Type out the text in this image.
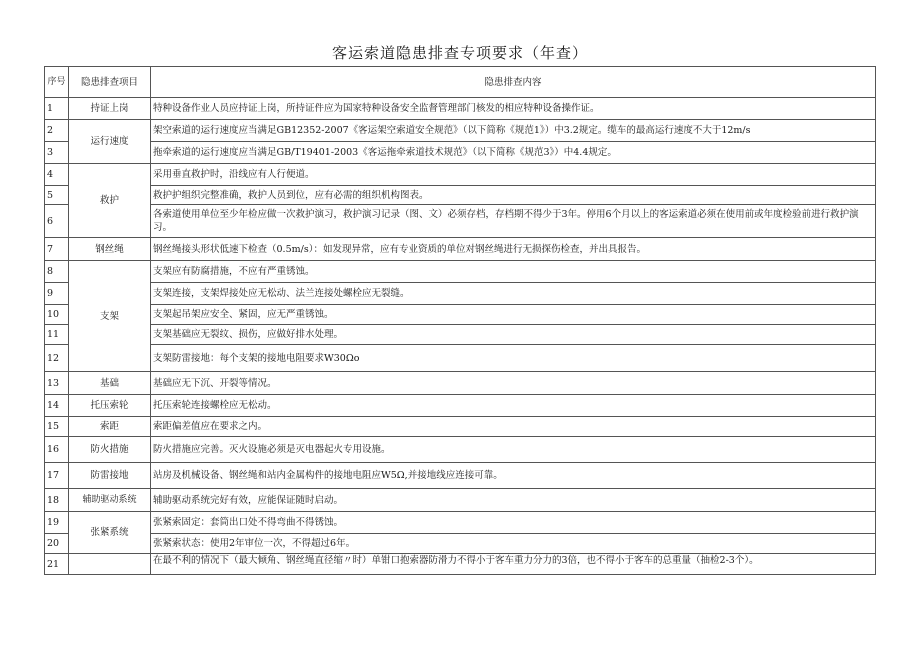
客运索道隐患排查专项要求（年查）
序号	隐患排查项目	隐患排查内容
1	持证上岗	特种设备作业人员应持证上岗，所持证件应为国家特种设备安全监督管理部门核发的相应特种设备操作证。
2	运行速度	架空索道的运行速度应当满足GB12352-2007《客运架空索道安全规范》（以下简称《规范1》）中3.2规定。缆车的最高运行速度不大于12m/s
3		拖牵索道的运行速度应当满足GB/T19401-2003《客运拖牵索道技术规范》（以下简称《规范3》）中4.4规定。
4	救护	采用垂直救护时，沿线应有人行便道。
5		救护护组织完整准确，救护人员到位，应有必需的组织机构图表。
6		各索道使用单位至少年检应做一次救护演习，救护演习记录（图、文）必须存档，存档期不得少于3年。停用6个月以上的客运索道必须在使用前或年度检验前进行救护演习。
7	钢丝绳	钢丝绳接头形状低速下检查（0.5m/s）：如发现异常，应有专业资质的单位对钢丝绳进行无损探伤检查，并出具报告。
8	支架	支架应有防腐措施，不应有严重锈蚀。
9		支架连接，支架焊接处应无松动、法兰连接处螺栓应无裂缝。
10		支架起吊架应安全、紧固，应无严重锈蚀。
11		支架基础应无裂纹、损伤，应做好排水处理。
12		支架防雷接地：每个支架的接地电阻要求W30Ωo
13	基础	基础应无下沉、开裂等情况。
14	托压索轮	托压索轮连接螺栓应无松动。
15	索距	索距偏差值应在要求之内。
16	防火措施	防火措施应完善。灭火设施必须是灭电器起火专用设施。
17	防雷接地	站房及机械设备、钢丝绳和站内金属构件的接地电阻应W5Ω,并接地线应连接可靠。
18	辅助驱动系统	辅助驱动系统完好有效，应能保证随时启动。
19	张紧系统	张紧索固定：套筒出口处不得弯曲不得锈蚀。
20		张紧索状态：使用2年审位一次，不得超过6年。
21		在最不利的情况下（最大倾角、钢丝绳直径缩〃时）单钳口抱索器防滑力不得小于客车重力分力的3倍，也不得小于客车的总重量（抽检2-3个）。
